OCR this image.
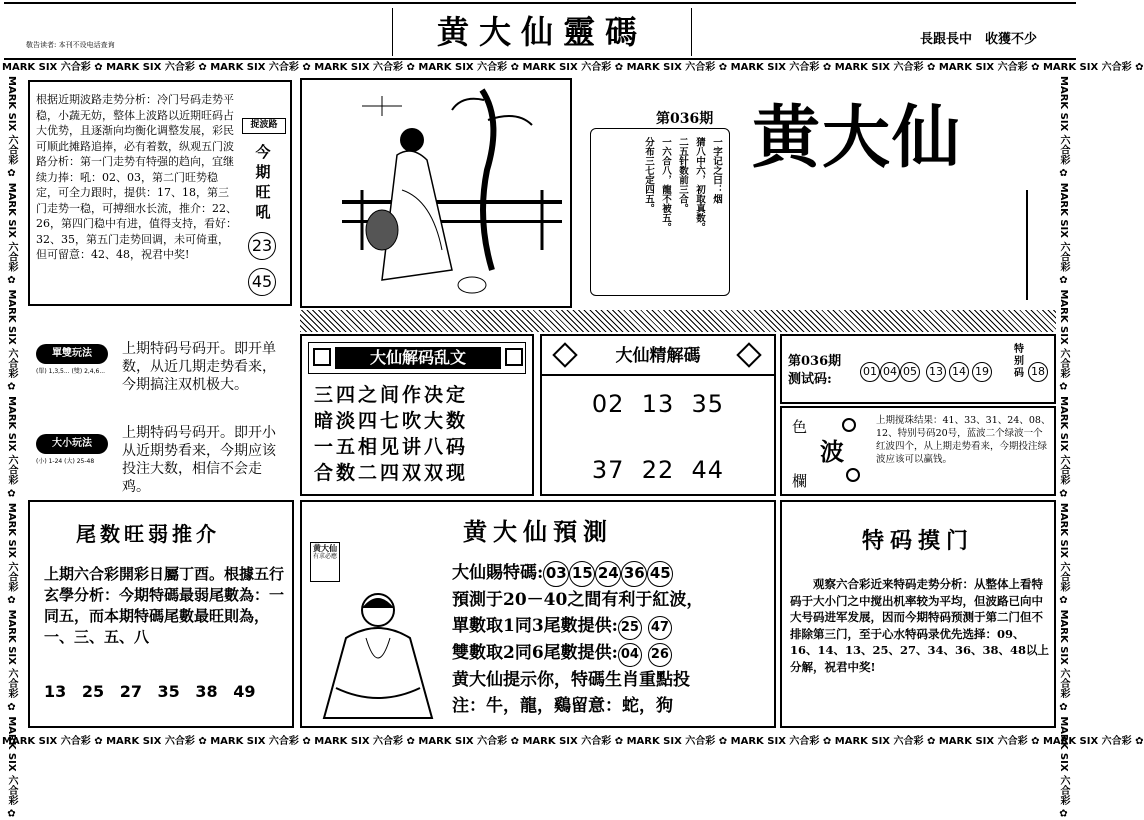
敬告读者: 本刊不设电话查询	黄大仙靈碼	長跟長中　收獲不少
MARK SIX 六合彩 ✿ MARK SIX 六合彩 ✿ MARK SIX 六合彩 ✿ MARK SIX 六合彩 ✿ MARK SIX 六合彩 ✿ MARK SIX 六合彩 ✿ MARK SIX 六合彩 ✿ MARK SIX 六合彩 ✿ MARK SIX 六合彩 ✿ MARK SIX 六合彩 ✿ MARK SIX 六合彩 ✿
MARK SIX 六合彩 ✿ MARK SIX 六合彩 ✿ MARK SIX 六合彩 ✿ MARK SIX 六合彩 ✿ MARK SIX 六合彩 ✿ MARK SIX 六合彩 ✿ MARK SIX 六合彩 ✿ MARK SIX 六合彩 ✿ MARK SIX 六合彩 ✿ MARK SIX 六合彩 ✿ MARK SIX 六合彩 ✿
MARK SIX 六合彩 ✿ MARK SIX 六合彩 ✿ MARK SIX 六合彩 ✿ MARK SIX 六合彩 ✿ MARK SIX 六合彩 ✿ MARK SIX 六合彩 ✿ MARK SIX 六合彩 ✿
MARK SIX 六合彩 ✿ MARK SIX 六合彩 ✿ MARK SIX 六合彩 ✿ MARK SIX 六合彩 ✿ MARK SIX 六合彩 ✿ MARK SIX 六合彩 ✿ MARK SIX 六合彩 ✿
根据近期波路走势分析：冷门号码走势平稳，小蔬无妨，整体上波路以近期旺码占大优势，且逐渐向均衡化调整发展，彩民可顺此摊路追捧，必有着数，纵观五门波路分析：第一门走势有特强的趋向，宜继续力捧：吼：02、03，第二门旺势稳定，可全力跟时，提供：17、18，第三门走势一稳，可搏细水长流，推介：22、26，第四门稳中有进，值得支持，看好：32、35，第五门走势回调，未可倚重，但可留意：42、48，祝君中奖!
捉波路
今期旺吼
23
45
一字记之曰：烟
猜八中六，初取真数。
二五针数前三合。
一六合八，龍不被五。
分布三七定四五。
第036期 黄大仙
單雙玩法
(單) 1,3,5... (雙) 2,4,6...
上期特码号码开。即开单数，从近几期走势看来，今期搞注双机极大。
大小玩法
(小) 1-24 (大) 25-48
上期特码号码开。即开小从近期势看来，今期应该投注大数，相信不会走鸡。
大仙解码乱文
三四之间作决定
暗淡四七吹大数
一五相见讲八码
合数二四双双现
大仙精解碼
02 13 35
37 22 44
第036期
测试码:
01 04 05 13 14 19
特别码 18
色
波
欄
上期搅珠结果：41、33、31、24、08、12、特别号码20号，蓝波二个绿波一个红波四个，从上期走势看来，今期投注绿波应该可以赢钱。
尾数旺弱推介
上期六合彩開彩日屬丁酉。根據五行玄學分析：今期特碼最弱尾數為：一同五，而本期特碼尾數最旺則為，一、三、五、八
13 25 27 35 38 49
黄大仙預測
黄大仙
有求必應
大仙賜特碼: 03 15 24 36 45
預測于20－40之間有利于紅波，
單數取1同3尾數提供: 25 47
雙數取2同6尾數提供: 04 26
黄大仙提示你，特碼生肖重點投
注：牛，龍，鷄留意：蛇，狗
特码摸门
观察六合彩近来特码走势分析：从整体上看特码于大小门之中搅出机率较为平均，但波路已向中大号码进军发展，因而今期特码预测于第二门但不排除第三门，至于心水特码录优先选择：09、16、14、13、25、27、34、36、38、48以上分解，祝君中奖!
